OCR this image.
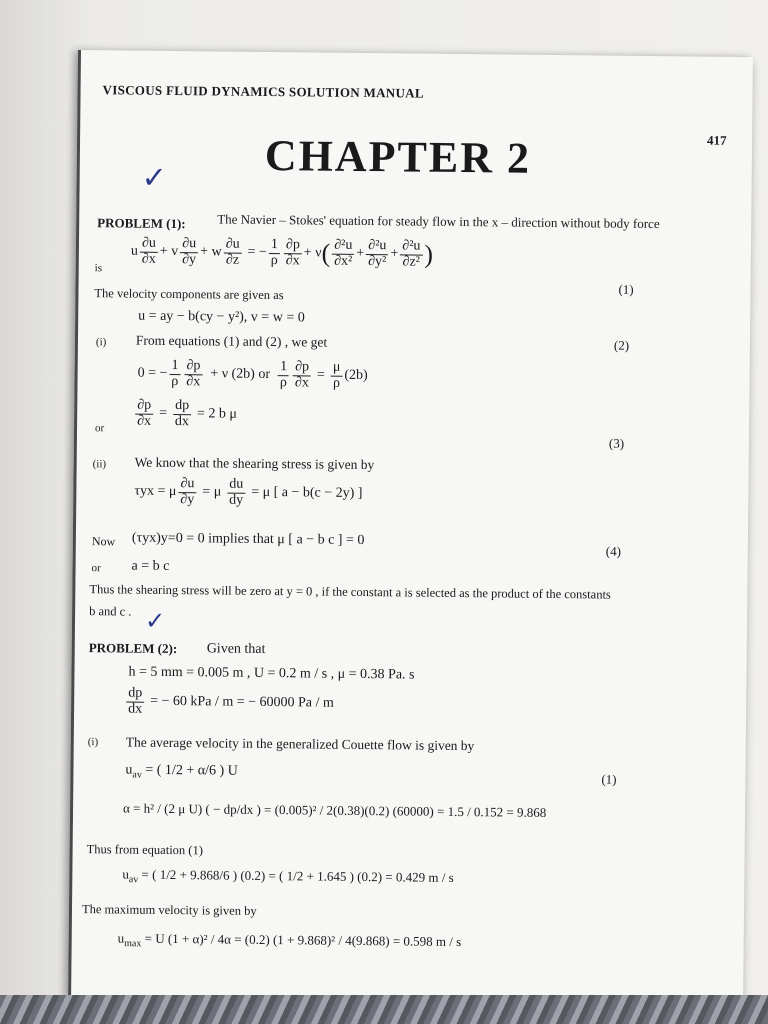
VISCOUS FLUID DYNAMICS SOLUTION MANUAL
417
CHAPTER 2
✓
PROBLEM (1): The Navier – Stokes' equation for steady flow in the x – direction without body force
is
u $\frac{\partial u}{\partial x} + v \frac{\partial u}{\partial y} + w \frac{\partial u}{\partial z}$ = − $\frac{1}{\rho} \frac{\partial p}{\partial x} + \nu$ ( $\frac{\text{∂²u}}{\text{∂x²}} + \frac{\text{∂²u}}{\text{∂y²}} + \frac{\text{∂²u}}{\text{∂z²}}$ )
(1)
The velocity components are given as
u = ay − b(cy − y²), v = w = 0
(i) From equations (1) and (2) , we get	(2)
0 = − $\frac{1}{\rho} \frac{\partial p}{\partial x} + \nu$ (2b) or $\frac{1}{\rho} \frac{\partial p}{\partial x} = \frac{\mu}{\rho} (2b)$
or $\frac{\partial p}{\partial x} = \frac{dp}{dx} = 2$ b μ
(3)
(ii) We know that the shearing stress is given by
τyx = μ $\frac{\partial u}{\partial y} = \mu \frac{du}{dy} = \mu$ [ a − b(c − 2y) ]
Now (τyx)y=0 = 0 implies that μ [ a − b c ] = 0
(4)
or a = b c
Thus the shearing stress will be zero at y = 0 , if the constant a is selected as the product of the constants
b and c . ✓
PROBLEM (2): Given that
h = 5 mm = 0.005 m , U = 0.2 m / s , μ = 0.38 Pa. s
$\frac{dp}{dx}$ = − 60 kPa / m = − 60000 Pa / m
(i) The average velocity in the generalized Couette flow is given by
$u_{av}$ = ( 1/2 + α/6 ) U
(1)
α = h² / (2 μ U) ( − dp/dx ) = (0.005)² / 2(0.38)(0.2) (60000) = 1.5 / 0.152 = 9.868
Thus from equation (1)
$u_{av}$ = ( 1/2 + 9.868/6 ) (0.2) = ( 1/2 + 1.645 ) (0.2) = 0.429 m / s
The maximum velocity is given by
$u_{max} = U$ (1 + α)² / 4α = (0.2) (1 + 9.868)² / 4(9.868) = 0.598 m / s
